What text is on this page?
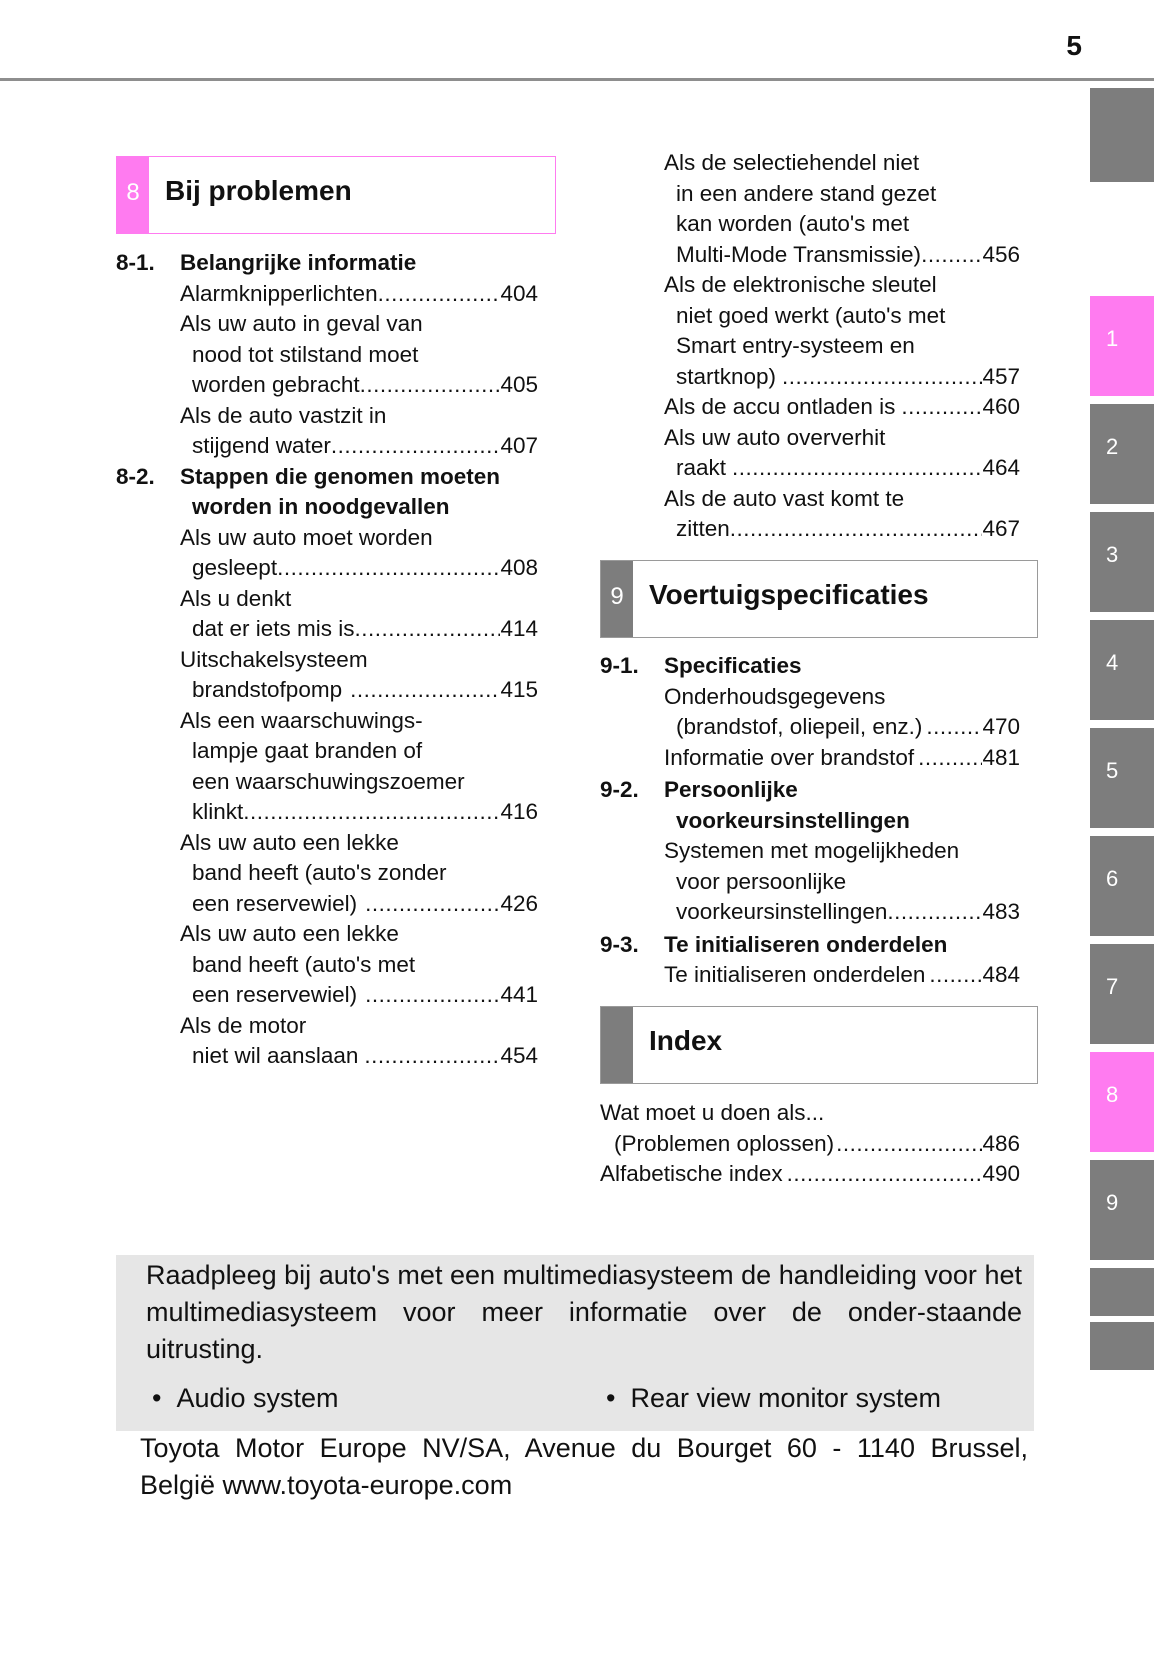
5
1
2
3
4
5
6
7
8
9
8 Bij problemen
8-1. Belangrijke informatie
Alarmknipperlichten .....	404
Als uw auto in geval van
nood tot stilstand moet
worden gebracht .....	405
Als de auto vastzit in
stijgend water .....	407
8-2. Stappen die genomen moeten
worden in noodgevallen
Als uw auto moet worden
gesleept .....	408
Als u denkt
dat er iets mis is .....	414
Uitschakelsysteem
brandstofpomp .....	415
Als een waarschuwings-
lampje gaat branden of
een waarschuwingszoemer
klinkt .....	416
Als uw auto een lekke
band heeft (auto's zonder
een reservewiel) .....	426
Als uw auto een lekke
band heeft (auto's met
een reservewiel) .....	441
Als de motor
niet wil aanslaan .....	454
Als de selectiehendel niet
in een andere stand gezet
kan worden (auto's met
Multi-Mode Transmissie) .....	456
Als de elektronische sleutel
niet goed werkt (auto's met
Smart entry-systeem en
startknop) .....	457
Als de accu ontladen is .....	460
Als uw auto oververhit
raakt .....	464
Als de auto vast komt te
zitten .....	467
9 Voertuigspecificaties
9-1. Specificaties
Onderhoudsgegevens
(brandstof, oliepeil, enz.) .....	470
Informatie over brandstof .....	481
9-2. Persoonlijke
voorkeursinstellingen
Systemen met mogelijkheden
voor persoonlijke
voorkeursinstellingen .....	483
9-3. Te initialiseren onderdelen
Te initialiseren onderdelen .....	484
Index
Wat moet u doen als...
(Problemen oplossen) .....	486
Alfabetische index .....	490
Raadpleeg bij auto's met een multimediasysteem de handleiding voor het multimediasysteem voor meer informatie over de onder-staande uitrusting.
•  Audio system	•  Rear view monitor system
Toyota Motor Europe NV/SA, Avenue du Bourget 60 - 1140 Brussel, België www.toyota-europe.com
